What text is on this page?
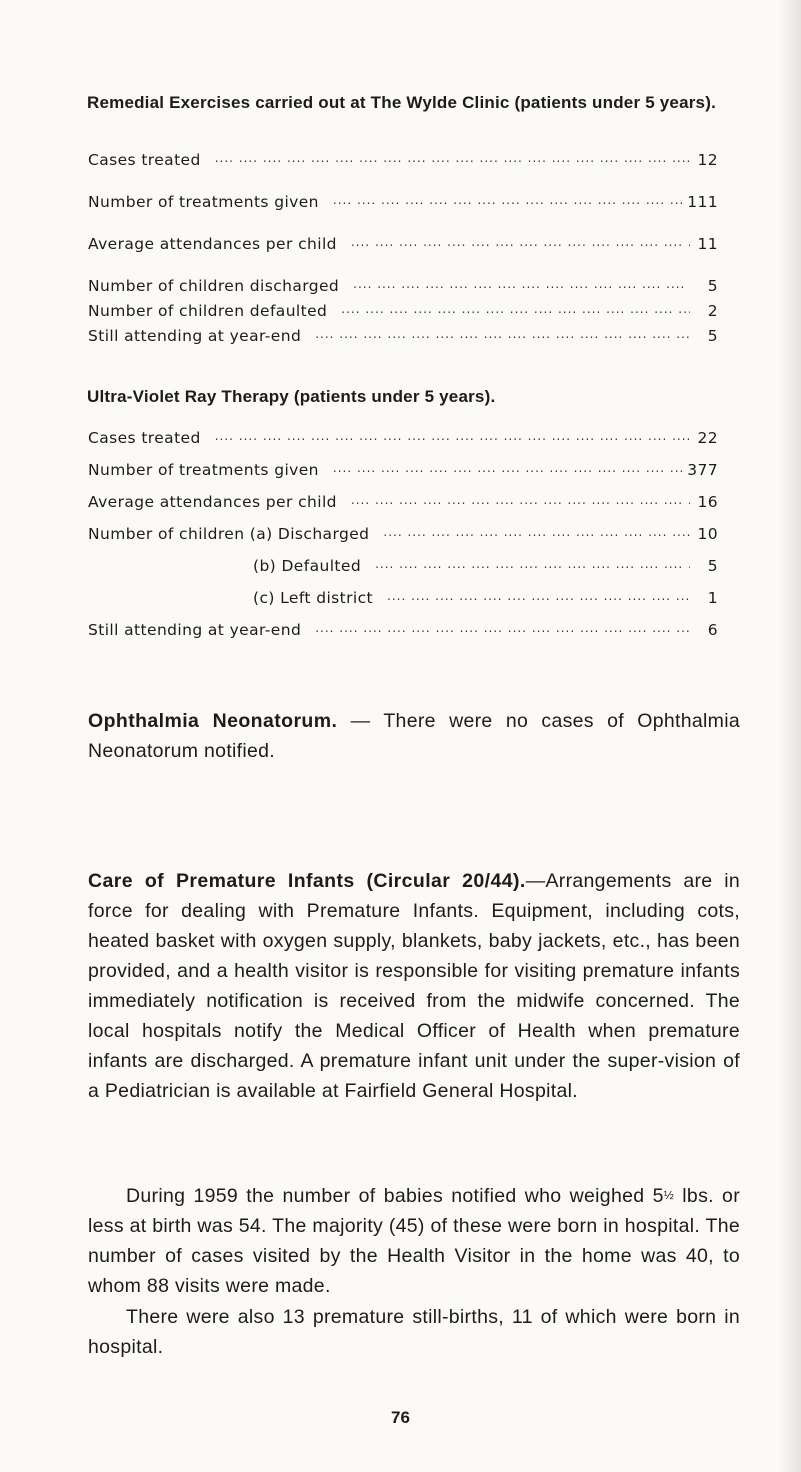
Remedial Exercises carried out at The Wylde Clinic (patients under 5 years).
Cases treated ....	12
Number of treatments given ....	111
Average attendances per child ....	11
Number of children discharged ....	5
Number of children defaulted ....	2
Still attending at year-end ....	5
Ultra-Violet Ray Therapy (patients under 5 years).
Cases treated ....	22
Number of treatments given ....	377
Average attendances per child ....	16
Number of children (a) Discharged ....	10
(b) Defaulted ....	5
(c) Left district ....	1
Still attending at year-end ....	6
Ophthalmia Neonatorum. — There were no cases of Ophthalmia Neonatorum notified.
Care of Premature Infants (Circular 20/44).—Arrangements are in force for dealing with Premature Infants. Equipment, including cots, heated basket with oxygen supply, blankets, baby jackets, etc., has been provided, and a health visitor is responsible for visiting premature infants immediately notification is received from the midwife concerned. The local hospitals notify the Medical Officer of Health when premature infants are discharged. A premature infant unit under the super-vision of a Pediatrician is available at Fairfield General Hospital.
During 1959 the number of babies notified who weighed 5½ lbs. or less at birth was 54. The majority (45) of these were born in hospital. The number of cases visited by the Health Visitor in the home was 40, to whom 88 visits were made.
There were also 13 premature still-births, 11 of which were born in hospital.
76
